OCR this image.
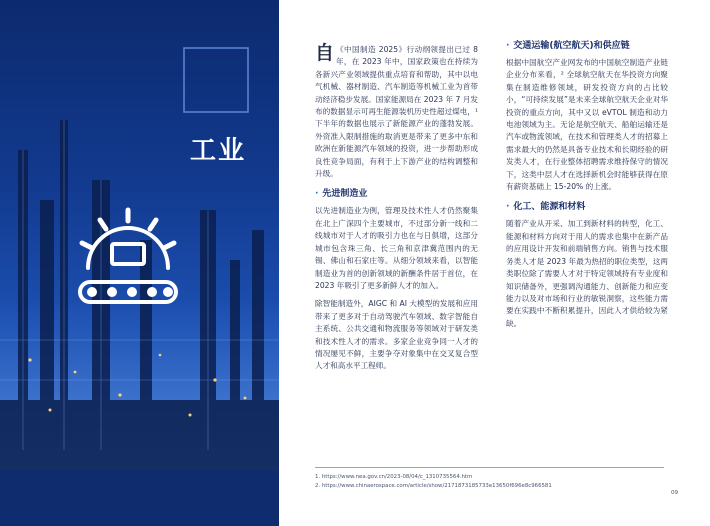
工业

自 《中国制造 2025》行动纲领提出已过 8 年，在 2023 年中，国家政策也在持续为各新兴产业领域提供重点培育和帮助，其中以电气机械、器材制造、汽车制造等机械工业为首带动经济稳步发展。国家能源局在 2023 年 7 月发布的数据显示可再生能源装机历史性超过煤电，¹ 下半年的数据也展示了新能源产业的蓬勃发展。外资准入限制措施的取消更是带来了更多中东和欧洲在新能源汽车领域的投资，进一步帮助形成良性竞争局面，有利于上下游产业的结构调整和升级。

· 先进制造业

以先进制造业为例，管理及技术性人才仍然聚集在北上广深四个主要城市，不过部分新一线和二线城市对于人才的吸引力也在与日俱增，这部分城市包含珠三角、长三角和京津冀范围内的无锡、佛山和石家庄等。从细分领域来看，以智能制造业为首的创新领域的新酬条件居于首位，在 2023 年吸引了更多新鲜人才的加入。

除智能制造外，AIGC 和 AI 大模型的发展和应用带来了更多对于自动驾驶汽车领域、数字智能自主系统、公共交通和物流服务等领域对于研发类和技术性人才的需求。多家企业竞争同一人才的情况屡见不鲜，主要争夺对象集中在交叉复合型人才和高水平工程师。

· 交通运输(航空航天)和供应链

根据中国航空产业网发布的中国航空制造产业链企业分布来看，² 全球航空航天在华投资方向聚集在制造维修领域，研发投资方向的占比较小，“可持续发展”是未来全球航空航天企业对华投资的重点方向，其中又以 eVTOL 制造和动力电池领域为主。无论是航空航天、船舶运输还是汽车或物流领域，在技术和管理类人才的招募上需求最大的仍然是具备专业技术和长期经验的研发类人才，在行业整体招聘需求维持保守的情况下，这类中层人才在选择新机会时能够获得在原有薪资基础上 15-20% 的上涨。

· 化工、能源和材料

随着产业从开采、加工到新材料的转型，化工、能源和材料方向对于用人的需求也集中在新产品的应用设计开发和前端销售方向。销售与技术服务类人才是 2023 年最为热招的职位类型，这两类职位除了需要人才对于特定领域持有专业度和知识储备外，更强调沟通能力、创新能力和应变能力以及对市场和行业的敏锐洞察，这些能力需要在实践中不断积累提升，因此人才供给较为紧缺。

1. https://www.nea.gov.cn/2023-08/04/c_1310735564.htm
2. https://www.chinaerospace.com/article/show/2171873185733e13650f696e8c966581
09
